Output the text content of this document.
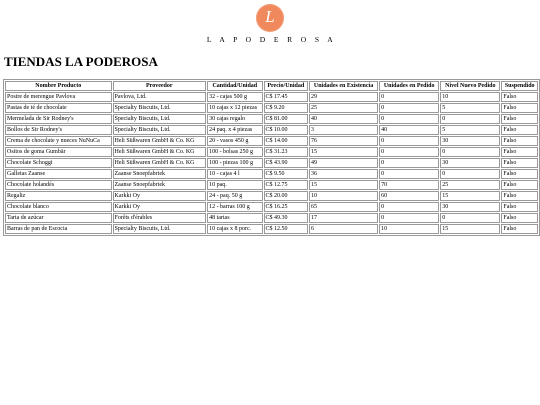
L
L A P O D E R O S A
TIENDAS LA PODEROSA
Nombre Producto	Proveedor	Cantidad/Unidad	Precio/Unidad	Unidades en Existencia	Unidades en Pedido	Nivel Nuevo Pedido	Suspendido
Postre de merengue Pavlova	Pavlova, Ltd.	32 - cajas 500 g	C$ 17.45	29	0	10	Falso
Pastas de té de chocolate	Specialty Biscuits, Ltd.	10 cajas x 12 piezas	C$ 9.20	25	0	5	Falso
Mermelada de Sir Rodney's	Specialty Biscuits, Ltd.	30 cajas regalo	C$ 81.00	40	0	0	Falso
Bollos de Sir Rodney's	Specialty Biscuits, Ltd.	24 paq. x 4 piezas	C$ 10.00	3	40	5	Falso
Crema de chocolate y nueces NuNuCa	Heli Süßwaren GmbH & Co. KG	20 - vasos 450 g	C$ 14.00	76	0	30	Falso
Ositos de goma Gumbär	Heli Süßwaren GmbH & Co. KG	100 - bolsas 250 g	C$ 31.23	15	0	0	Falso
Chocolate Schoggi	Heli Süßwaren GmbH & Co. KG	100 - piezas 100 g	C$ 43.90	49	0	30	Falso
Galletas Zaanse	Zaanse Snoepfabriek	10 - cajas 4 l	C$ 9.50	36	0	0	Falso
Chocolate holandés	Zaanse Snoepfabriek	10 paq.	C$ 12.75	15	70	25	Falso
Regaliz	Karkki Oy	24 - paq. 50 g	C$ 20.00	10	60	15	Falso
Chocolate blanco	Karkki Oy	12 - barras 100 g	C$ 16.25	65	0	30	Falso
Tarta de azúcar	Forêts d'érables	48 tartas	C$ 49.30	17	0	0	Falso
Barras de pan de Escocia	Specialty Biscuits, Ltd.	10 cajas x 8 porc.	C$ 12.50	6	10	15	Falso
